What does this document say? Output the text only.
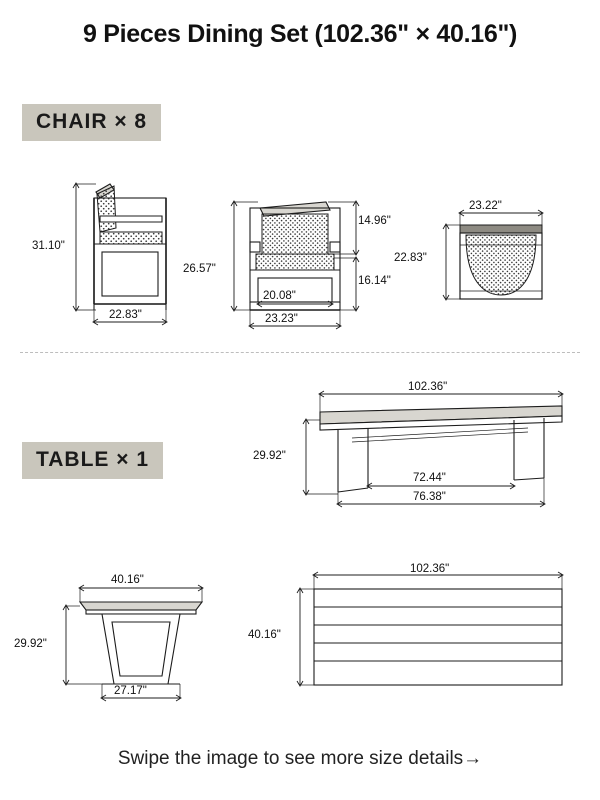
9 Pieces Dining Set (102.36" × 40.16")
CHAIR × 8
31.10"
22.83"
26.57"
23.23"
20.08"
14.96"
16.14"
23.22"
22.83"
TABLE × 1
102.36"
29.92"
72.44"
76.38"
40.16"
29.92"
27.17"
102.36"
40.16"
Swipe the image to see more size details→
